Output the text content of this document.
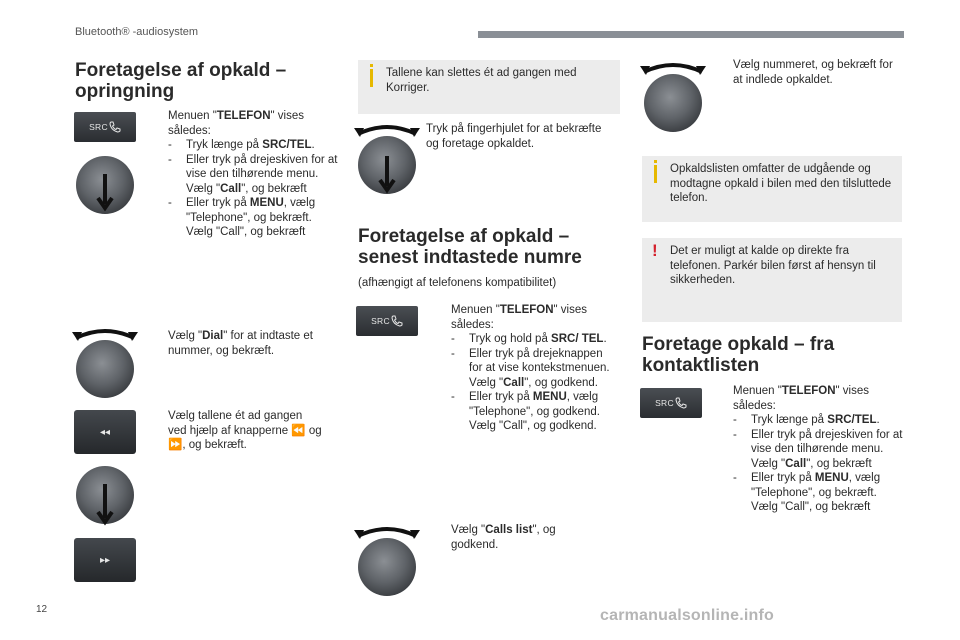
Bluetooth® -audiosystem
Foretagelse af opkald –
opringning
SRC
Menuen "TELEFON" vises
således:
-	Tryk længe på SRC/TEL.
-	Eller tryk på drejeskiven for at vise den tilhørende menu. Vælg "Call", og bekræft
-	Eller tryk på MENU, vælg "Telephone", og bekræft. Vælg "Call", og bekræft
Vælg "Dial" for at indtaste et nummer, og bekræft.
Vælg tallene ét ad gangen
ved hjælp af knapperne ⏪ og
⏩, og bekræft.
◂◂
▸▸
Tallene kan slettes ét ad gangen med Korriger.
Tryk på fingerhjulet for at bekræfte og foretage opkaldet.
Foretagelse af opkald –
senest indtastede numre
(afhængigt af telefonens kompatibilitet)
SRC
Menuen "TELEFON" vises således:
-	Tryk og hold på SRC/ TEL.
-	Eller tryk på drejeknappen for at vise kontekstmenuen. Vælg "Call", og godkend.
-	Eller tryk på MENU, vælg "Telephone", og godkend. Vælg "Call", og godkend.
Vælg "Calls list", og godkend.
Vælg nummeret, og bekræft for at indlede opkaldet.
Opkaldslisten omfatter de udgående og modtagne opkald i bilen med den tilsluttede telefon.
! Det er muligt at kalde op direkte fra telefonen. Parkér bilen først af hensyn til sikkerheden.
Foretage opkald – fra
kontaktlisten
SRC
Menuen "TELEFON" vises således:
-	Tryk længe på SRC/TEL.
-	Eller tryk på drejeskiven for at vise den tilhørende menu. Vælg "Call", og bekræft
-	Eller tryk på MENU, vælg "Telephone", og bekræft. Vælg "Call", og bekræft
12	carmanualsonline.info
